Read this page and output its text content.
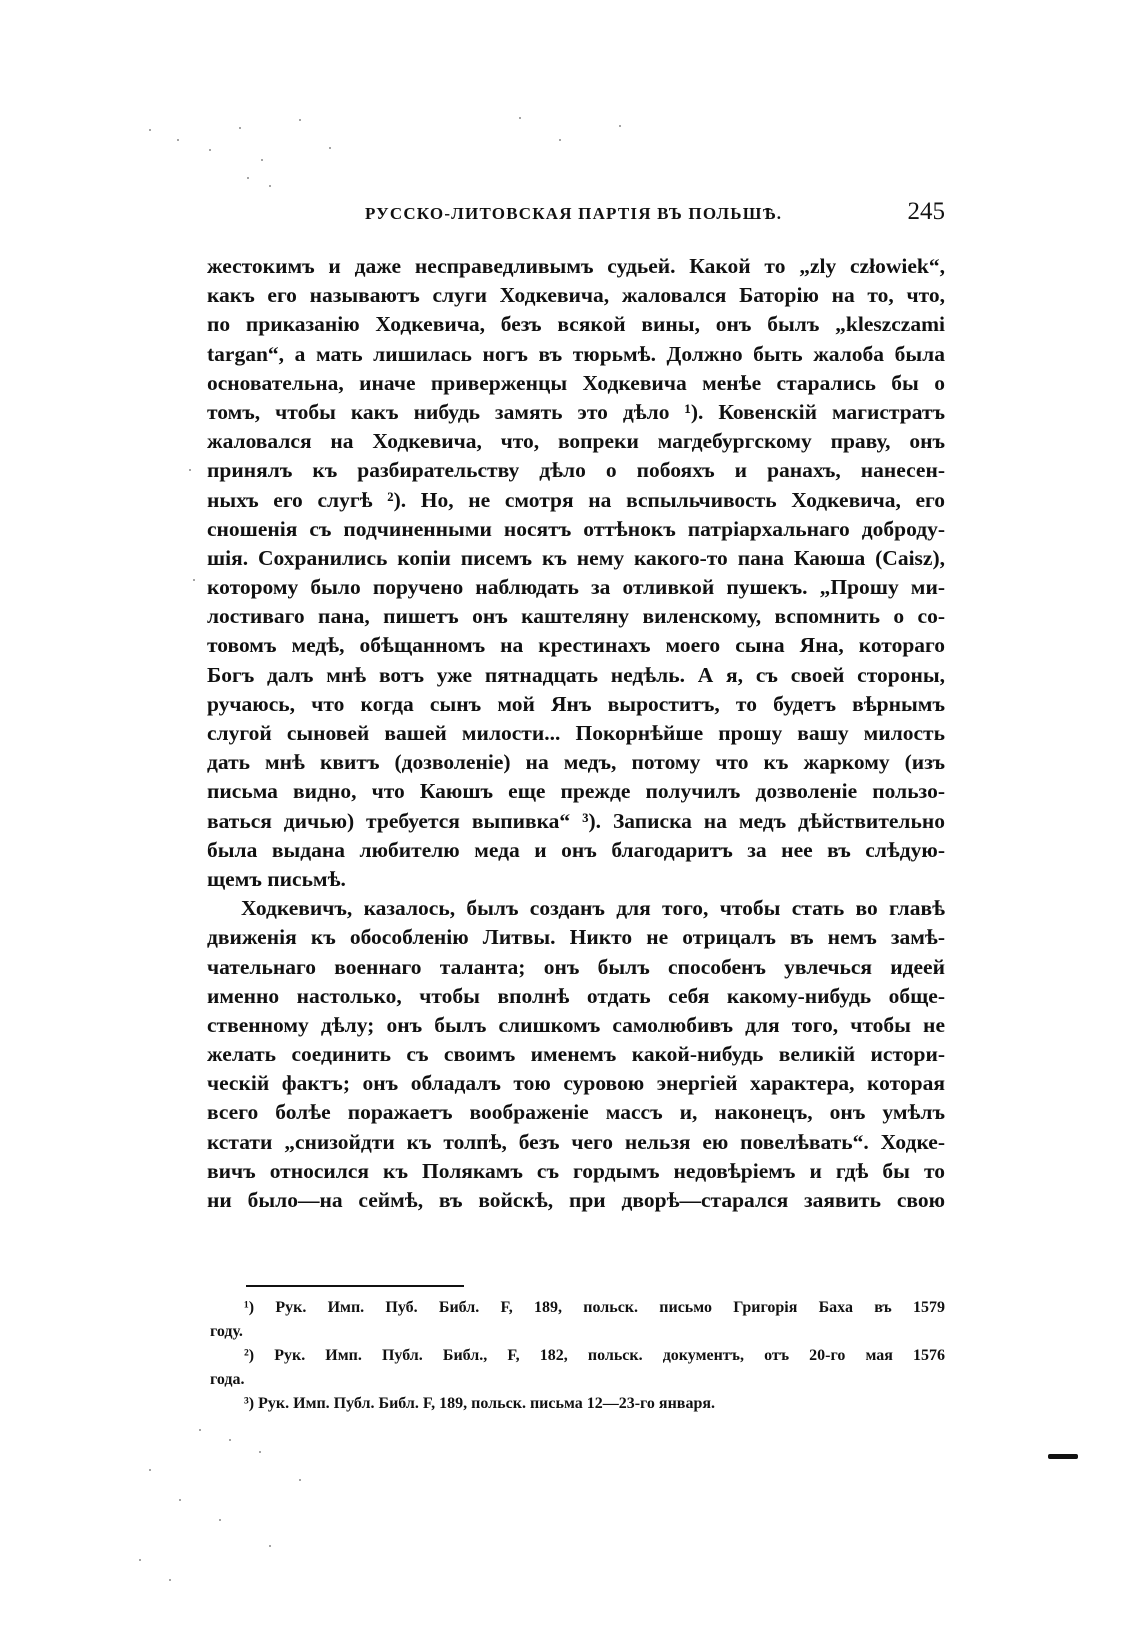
РУССКО-ЛИТОВСКАЯ ПАРТІЯ ВЪ ПОЛЬШѢ.	245
жестокимъ и даже несправедливымъ судьей. Какой то „zly człowiek“,
какъ его называютъ слуги Ходкевича, жаловался Баторію на то, что,
по приказанію Ходкевича, безъ всякой вины, онъ былъ „kleszczami
targan“, а мать лишилась ногъ въ тюрьмѣ. Должно быть жалоба была
основательна, иначе приверженцы Ходкевича менѣе старались бы о
томъ, чтобы какъ нибудь замять это дѣло ¹). Ковенскій магистратъ
жаловался на Ходкевича, что, вопреки магдебургскому праву, онъ
принялъ къ разбирательству дѣло о побояхъ и ранахъ, нанесен-
ныхъ его слугѣ ²). Но, не смотря на вспыльчивость Ходкевича, его
сношенія съ подчиненными носятъ оттѣнокъ патріархальнаго доброду-
шія. Сохранились копіи писемъ къ нему какого-то пана Каюша (Caisz),
которому было поручено наблюдать за отливкой пушекъ. „Прошу ми-
лостиваго пана, пишетъ онъ каштеляну виленскому, вспомнить о со-
товомъ медѣ, обѣщанномъ на крестинахъ моего сына Яна, котораго
Богъ далъ мнѣ вотъ уже пятнадцать недѣль. А я, съ своей стороны,
ручаюсь, что когда сынъ мой Янъ выроститъ, то будетъ вѣрнымъ
слугой сыновей вашей милости... Покорнѣйше прошу вашу милость
дать мнѣ квитъ (дозволеніе) на медъ, потому что къ жаркому (изъ
письма видно, что Каюшъ еще прежде получилъ дозволеніе пользо-
ваться дичью) требуется выпивка“ ³). Записка на медъ дѣйствительно
была выдана любителю меда и онъ благодаритъ за нее въ слѣдую-
щемъ письмѣ.
Ходкевичъ, казалось, былъ созданъ для того, чтобы стать во главѣ
движенія къ обособленію Литвы. Никто не отрицалъ въ немъ замѣ-
чательнаго военнаго таланта; онъ былъ способенъ увлечься идеей
именно настолько, чтобы вполнѣ отдать себя какому-нибудь обще-
ственному дѣлу; онъ былъ слишкомъ самолюбивъ для того, чтобы не
желать соединить съ своимъ именемъ какой-нибудь великій истори-
ческій фактъ; онъ обладалъ тою суровою энергіей характера, которая
всего болѣе поражаетъ воображеніе массъ и, наконецъ, онъ умѣлъ
кстати „снизойдти къ толпѣ, безъ чего нельзя ею повелѣвать“. Ходке-
вичъ относился къ Полякамъ съ гордымъ недовѣріемъ и гдѣ бы то
ни было—на сеймѣ, въ войскѣ, при дворѣ—старался заявить свою
¹) Рук. Имп. Пуб. Библ. F, 189, польск. письмо Григорія Баха въ 1579
году.
²) Рук. Имп. Публ. Библ., F, 182, польск. документъ, отъ 20-го мая 1576
года.
³) Рук. Имп. Публ. Библ. F, 189, польск. письма 12—23-го января.
